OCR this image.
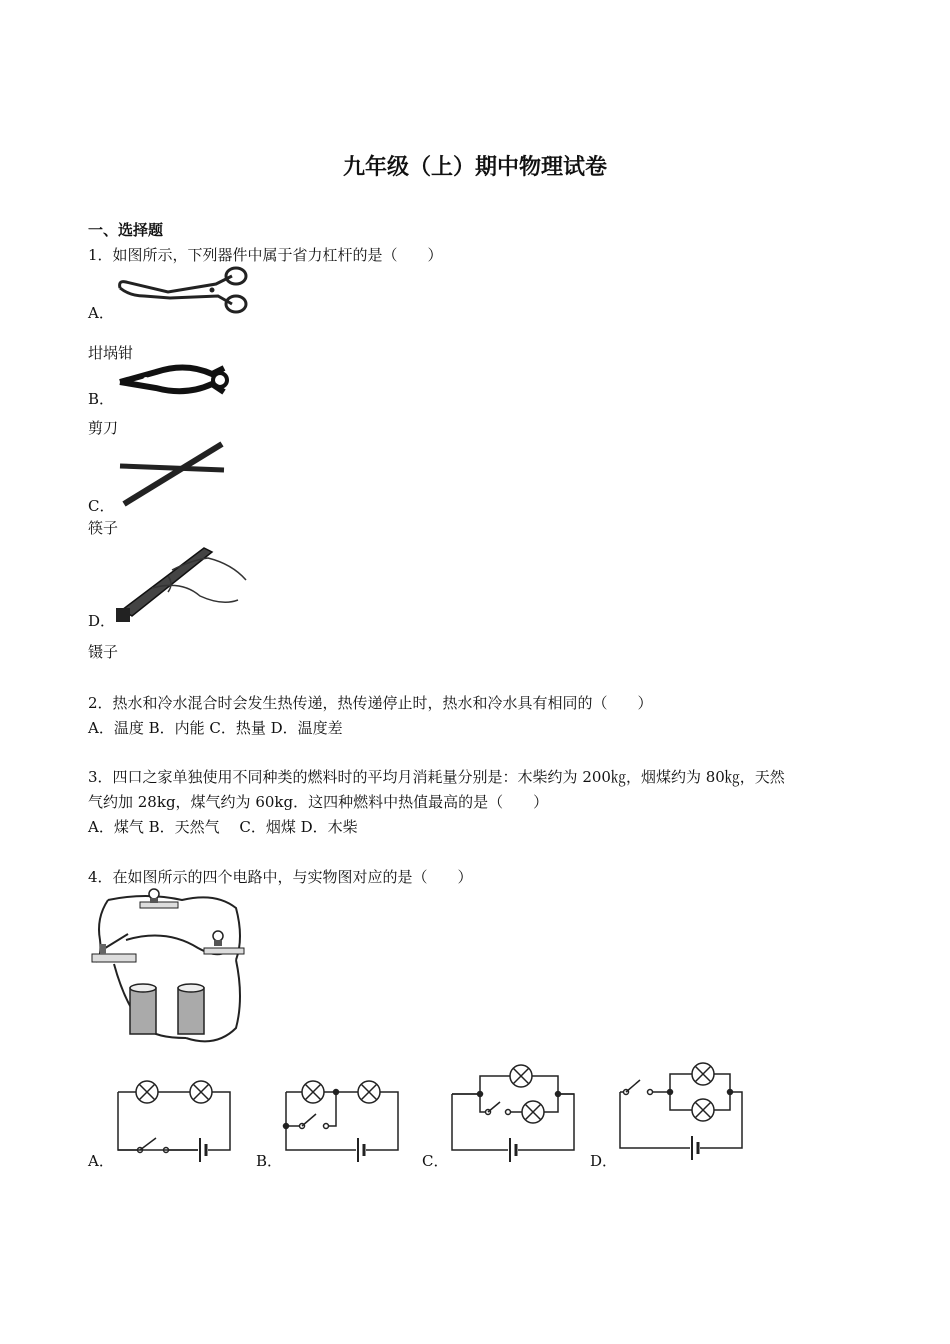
九年级（上）期中物理试卷
一、选择题
1．如图所示，下列器件中属于省力杠杆的是（　　）
A．
坩埚钳
B．
剪刀
C．
筷子
D．
镊子
2．热水和冷水混合时会发生热传递，热传递停止时，热水和冷水具有相同的（　　）
A．温度 B．内能 C．热量 D．温度差
3．四口之家单独使用不同种类的燃料时的平均月消耗量分别是：木柴约为 200㎏，烟煤约为 80㎏，天然
气约加 28kg，煤气约为 60kg．这四种燃料中热值最高的是（　　）
A．煤气 B．天然气　 C．烟煤 D．木柴
4．在如图所示的四个电路中，与实物图对应的是（　　）
A．	B．	C．	D．
